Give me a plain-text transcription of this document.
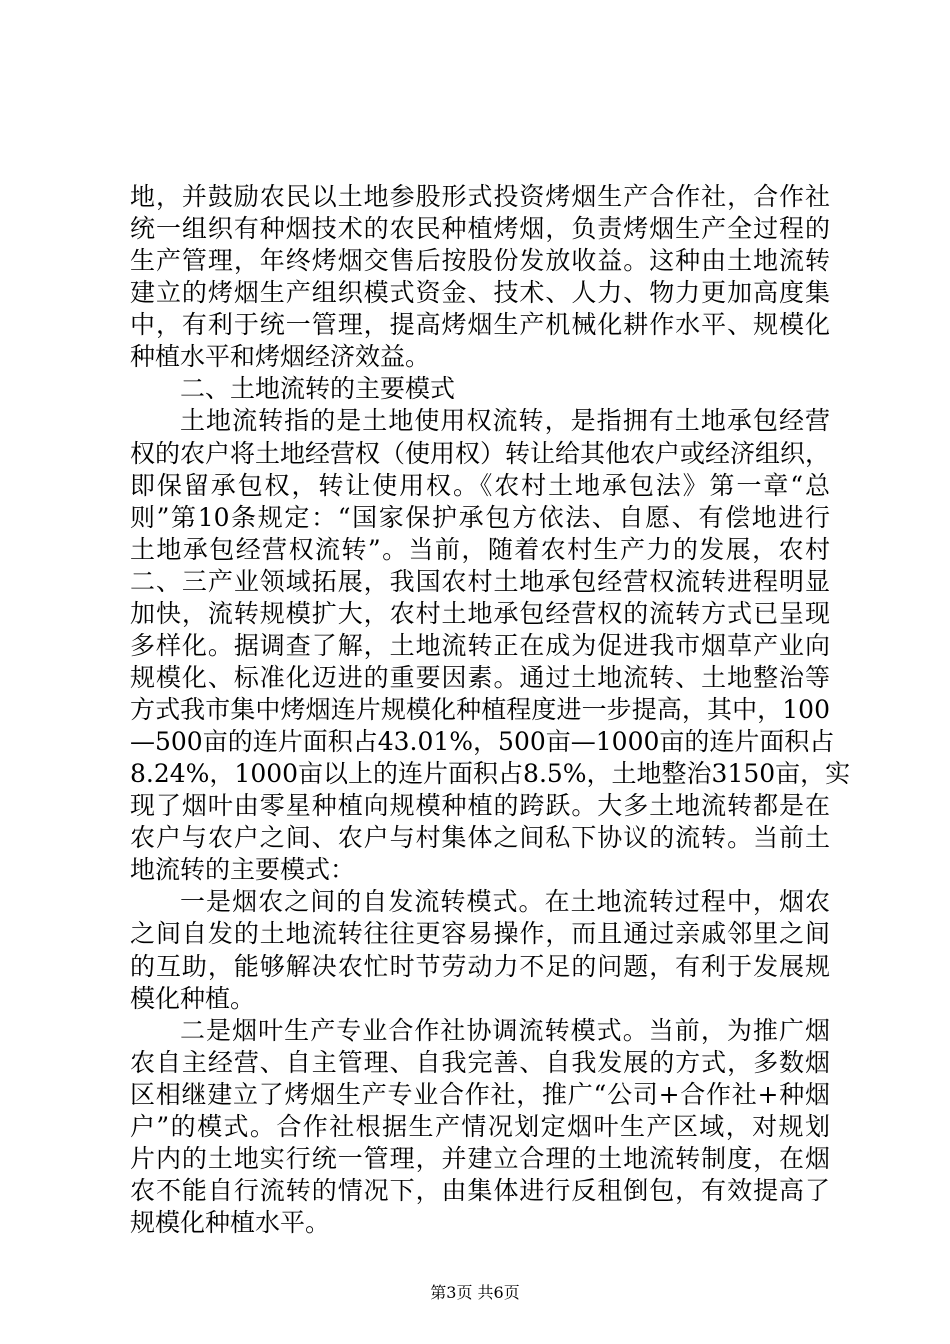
地，并鼓励农民以土地参股形式投资烤烟生产合作社，合作社
统一组织有种烟技术的农民种植烤烟，负责烤烟生产全过程的
生产管理，年终烤烟交售后按股份发放收益。这种由土地流转
建立的烤烟生产组织模式资金、技术、人力、物力更加高度集
中，有利于统一管理，提高烤烟生产机械化耕作水平、规模化
种植水平和烤烟经济效益。
二、土地流转的主要模式
土地流转指的是土地使用权流转，是指拥有土地承包经营
权的农户将土地经营权（使用权）转让给其他农户或经济组织，
即保留承包权，转让使用权。《农村土地承包法》第一章“总
则”第10条规定：“国家保护承包方依法、自愿、有偿地进行
土地承包经营权流转”。当前，随着农村生产力的发展，农村
二、三产业领域拓展，我国农村土地承包经营权流转进程明显
加快，流转规模扩大，农村土地承包经营权的流转方式已呈现
多样化。据调查了解，土地流转正在成为促进我市烟草产业向
规模化、标准化迈进的重要因素。通过土地流转、土地整治等
方式我市集中烤烟连片规模化种植程度进一步提高，其中，100
—500亩的连片面积占43.01%，500亩—1000亩的连片面积占
8.24%，1000亩以上的连片面积占8.5%，土地整治3150亩，实
现了烟叶由零星种植向规模种植的跨跃。大多土地流转都是在
农户与农户之间、农户与村集体之间私下协议的流转。当前土
地流转的主要模式：
一是烟农之间的自发流转模式。在土地流转过程中，烟农
之间自发的土地流转往往更容易操作，而且通过亲戚邻里之间
的互助，能够解决农忙时节劳动力不足的问题，有利于发展规
模化种植。
二是烟叶生产专业合作社协调流转模式。当前，为推广烟
农自主经营、自主管理、自我完善、自我发展的方式，多数烟
区相继建立了烤烟生产专业合作社，推广“公司+合作社+种烟
户”的模式。合作社根据生产情况划定烟叶生产区域，对规划
片内的土地实行统一管理，并建立合理的土地流转制度，在烟
农不能自行流转的情况下，由集体进行反租倒包，有效提高了
规模化种植水平。
第3页 共6页
